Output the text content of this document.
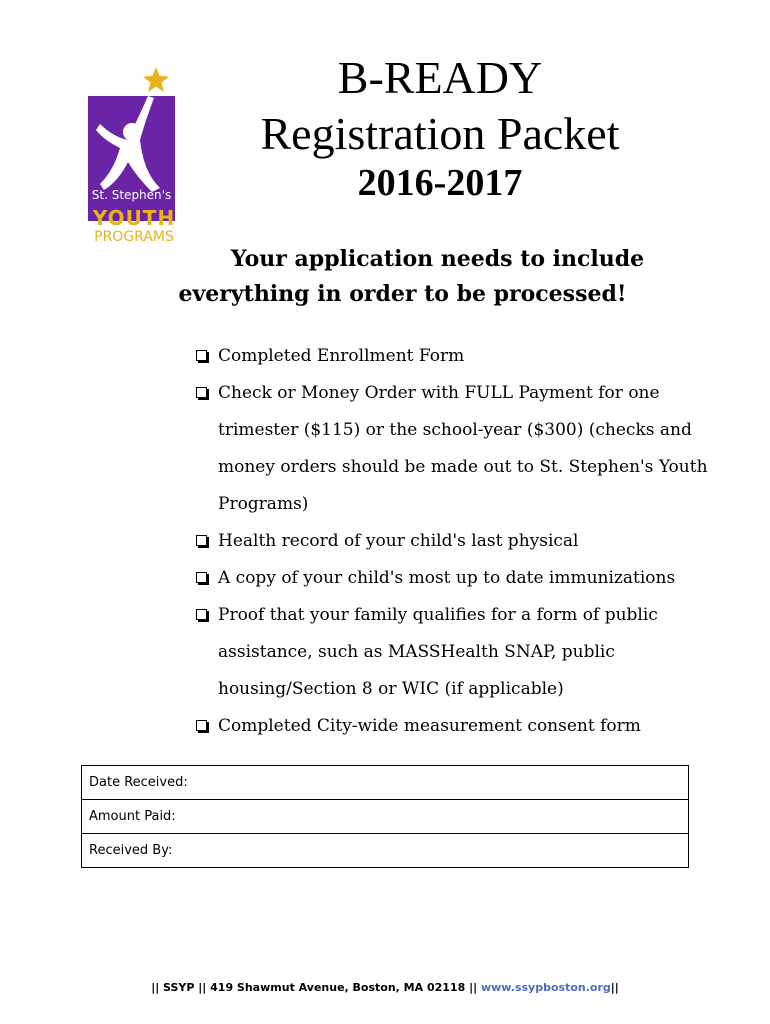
St. Stephen's
YOUTH
PROGRAMS
B-READY
Registration Packet
2016-2017
Your application needs to include
everything in order to be processed!
Completed Enrollment Form
Check or Money Order with FULL Payment for one trimester ($115) or the school-year ($300) (checks and money orders should be made out to St. Stephen's Youth Programs)
Health record of your child's last physical
A copy of your child's most up to date immunizations
Proof that your family qualifies for a form of public assistance, such as MASSHealth SNAP, public housing/Section 8 or WIC (if applicable)
Completed City-wide measurement consent form
Date Received:
Amount Paid:
Received By:
|| SSYP || 419 Shawmut Avenue, Boston, MA 02118 || www.ssypboston.org||
